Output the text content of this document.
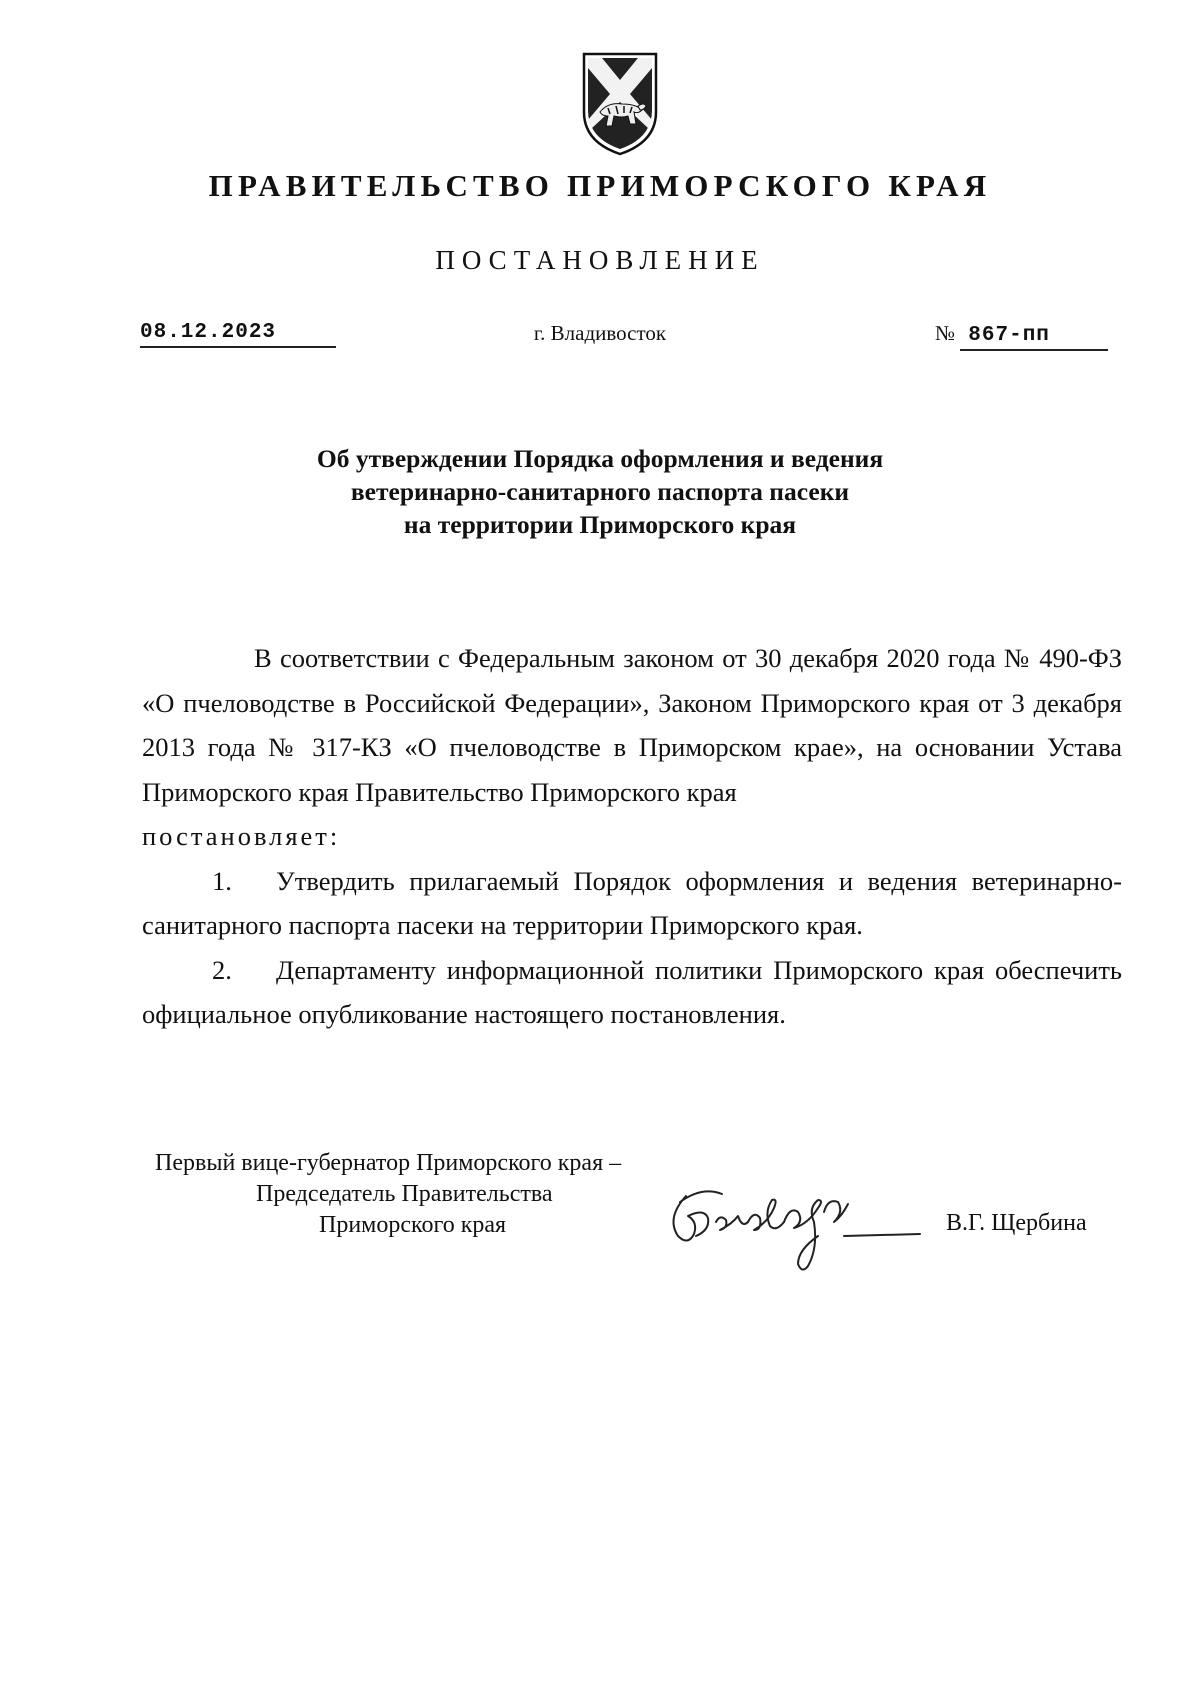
ПРАВИТЕЛЬСТВО ПРИМОРСКОГО КРАЯ
ПОСТАНОВЛЕНИЕ
08.12.2023	г. Владивосток	№ 867-пп
Об утверждении Порядка оформления и ведения
ветеринарно-санитарного паспорта пасеки
на территории Приморского края
В соответствии с Федеральным законом от 30 декабря 2020 года № 490-ФЗ «О пчеловодстве в Российской Федерации», Законом Приморского края от 3 декабря 2013 года № 317-КЗ «О пчеловодстве в Приморском крае», на основании Устава Приморского края Правительство Приморского края
постановляет:
1. Утвердить прилагаемый Порядок оформления и ведения ветеринарно-санитарного паспорта пасеки на территории Приморского края.
2. Департаменту информационной политики Приморского края обеспечить официальное опубликование настоящего постановления.
Первый вице-губернатор Приморского края –
Председатель Правительства
Приморского края	В.Г. Щербина
